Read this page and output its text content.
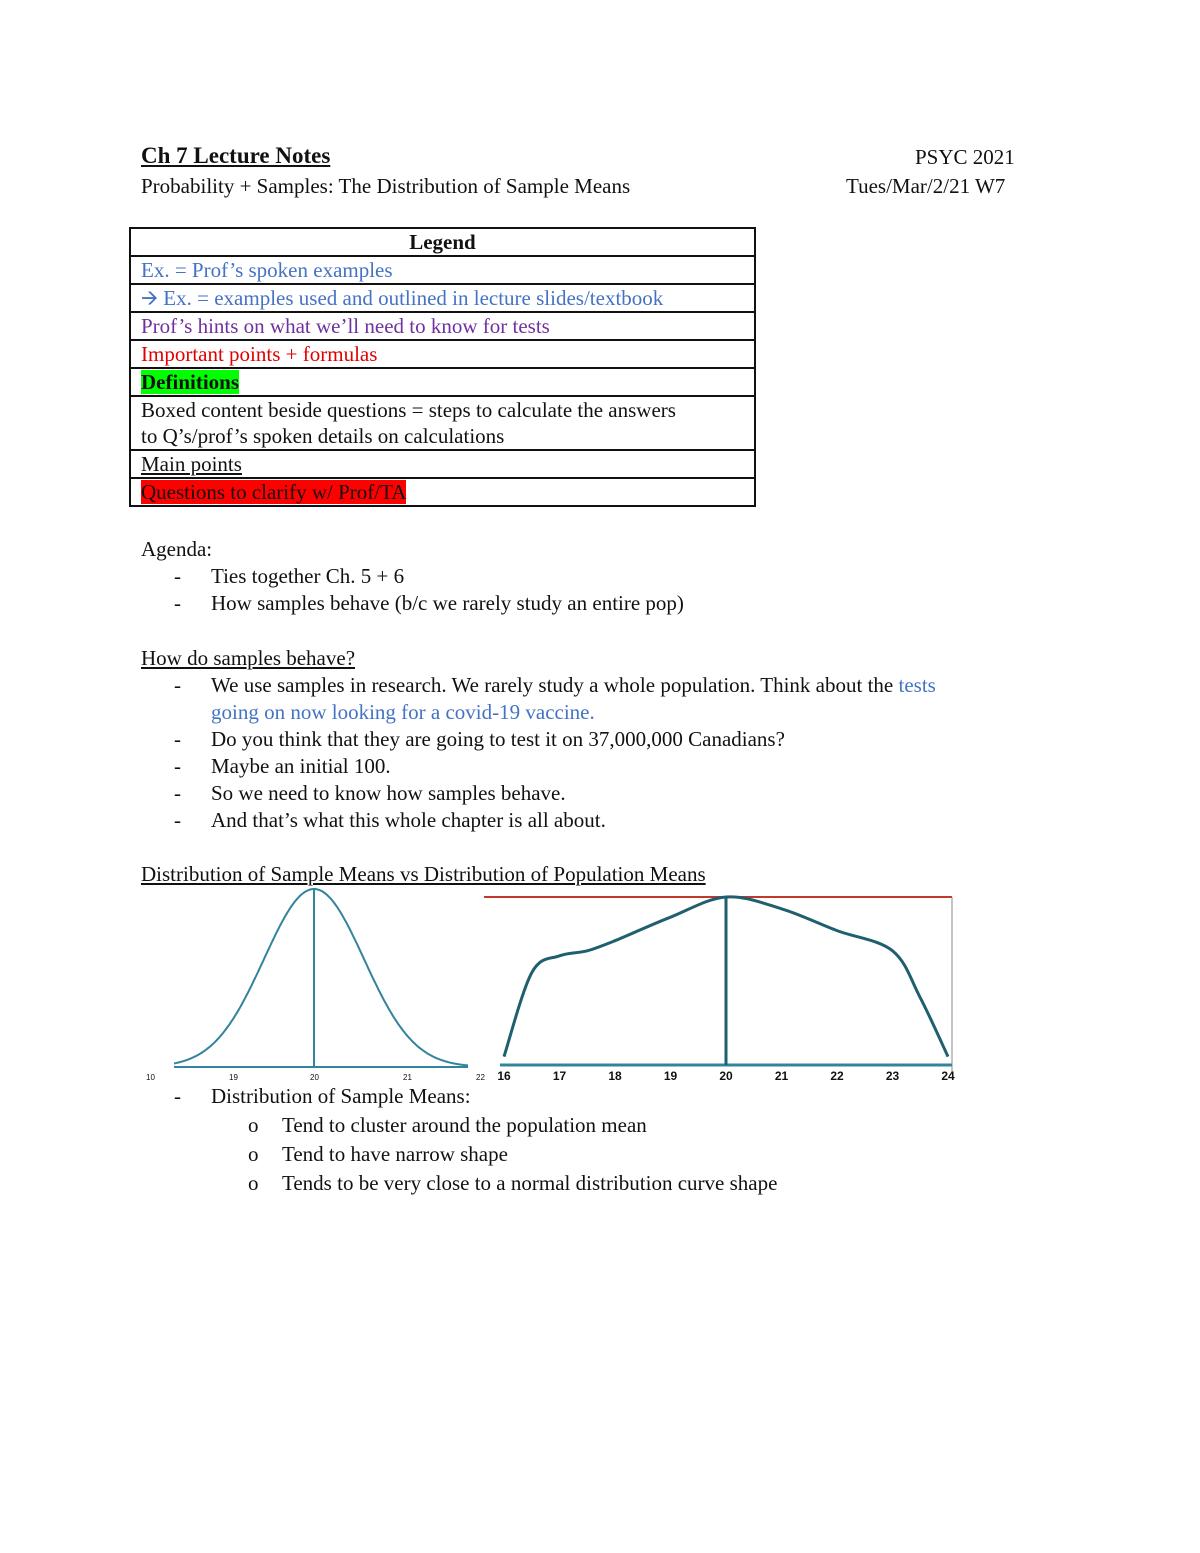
Ch 7 Lecture Notes	PSYC 2021
Probability + Samples: The Distribution of Sample Means	Tues/Mar/2/21 W7
Legend
Ex. = Prof’s spoken examples
🡪 Ex. = examples used and outlined in lecture slides/textbook
Prof’s hints on what we’ll need to know for tests
Important points + formulas
Definitions
Boxed content beside questions = steps to calculate the answers
to Q’s/prof’s spoken details on calculations
Main points
Questions to clarify w/ Prof/TA
Agenda:
- Ties together Ch. 5 + 6
- How samples behave (b/c we rarely study an entire pop)
How do samples behave?
- We use samples in research. We rarely study a whole population. Think about the tests
going on now looking for a covid-19 vaccine.
- Do you think that they are going to test it on 37,000,000 Canadians?
- Maybe an initial 100.
- So we need to know how samples behave.
- And that’s what this whole chapter is all about.
Distribution of Sample Means vs Distribution of Population Means
10	19	20	21	22 16	17	18	19	20	21	22	23	24
- Distribution of Sample Means:
o Tend to cluster around the population mean
o Tend to have narrow shape
o Tends to be very close to a normal distribution curve shape
